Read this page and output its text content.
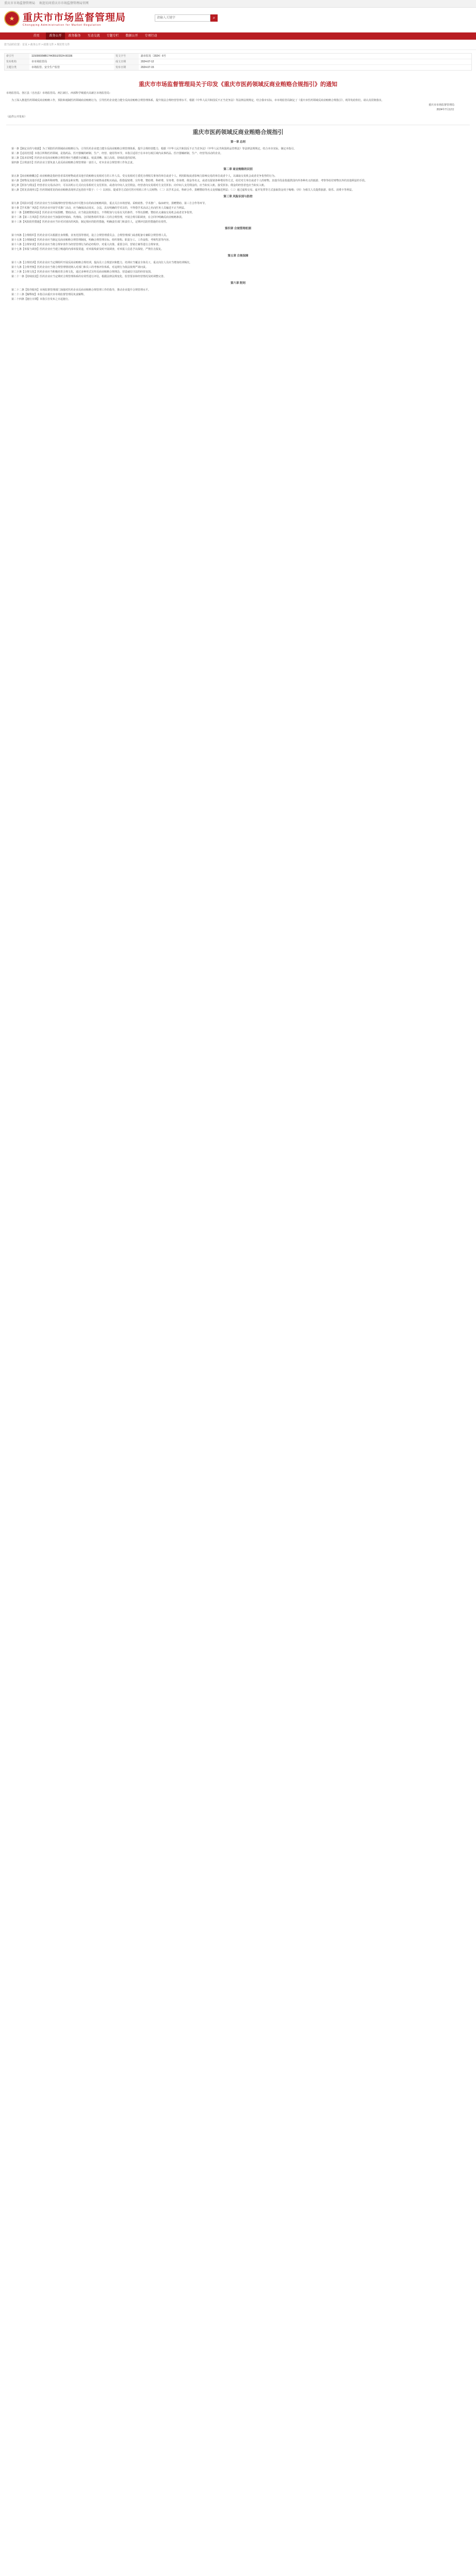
重庆市市场监督管理局 欢迎访问重庆市市场监督管理局官网
★ 重庆市市场监督管理局
Chongqing Administration for Market Regulation
请输入关键字
⌕
首页	政务公开	政务服务	互动交流	专题专栏	数据公开	专项行动
您当前的位置：首页 > 政务公开 > 政策文件 > 规范性文件
索引号	11500000MB1744350J/2024-00336	发文字号	渝市监发〔2024〕6号
发布机构	市市场监管局	成文日期	2024-07-12
主题分类	市场监管、安全生产监管	发布日期	2024-07-15
重庆市市场监督管理局关于印发《重庆市医药领域反商业贿赂合规指引》的通知

市场监管局、各区县（自治县）市场监管局、两江新区、西部科学城重庆高新区市场监管局：

为了深入推进医药领域反商业贿赂工作，预防和遏制医药领域商业贿赂行为，引导医药企业建立健全反商业贿赂合规管理体系，提升依法合规经营管理水平，根据《中华人民共和国反不正当竞争法》等法律法规规定，结合我市实际，市市场监管局制定了《重庆市医药领域反商业贿赂合规指引》，现印发给你们，请认真贯彻落实。

重庆市市场监督管理局
2024年7月12日

（此件公开发布）

重庆市医药领域反商业贿赂合规指引
第一章 总则

第一条【制定目的与依据】为了预防医药领域商业贿赂行为，引导医药企业建立健全反商业贿赂合规管理体系，提升合规经营能力，根据《中华人民共和国反不正当竞争法》《中华人民共和国药品管理法》等法律法规规定，结合本市实际，制定本指引。

第二条【适用范围】本指引所称医药领域，是指药品、医疗器械的研制、生产、经营、使用等环节。本指引适用于在本市行政区域内从事药品、医疗器械研制、生产、经营等活动的企业。

第三条【基本原则】医药企业反商业贿赂合规管理应当遵循全面覆盖、权责清晰、独立高效、持续改进的原则。

第四条【合规责任】医药企业主要负责人是反商业贿赂合规管理第一责任人，对本企业合规管理工作负总责。

第二章 商业贿赂的识别

第五条【商业贿赂概念】商业贿赂是指经营者采用财物或者其他手段贿赂交易相对方的工作人员、受交易相对方委托办理相关事务的单位或者个人、利用职权或者影响力影响交易的单位或者个人，以谋取交易机会或者竞争优势的行为。

第六条【财物及其他手段】前条所称财物，是指现金和实物，包括经营者为销售或者购买商品，假借促销费、宣传费、赞助费、科研费、劳务费、咨询费、佣金等名义，或者以报销各种费用等方式，给付对方单位或者个人的财物。其他手段是指提供国内外各种名义的旅游、考察等给付财物以外的其他利益的手段。

第七条【折扣与佣金】经营者在交易活动中，可以以明示方式向交易相对方支付折扣，或者向中间人支付佣金。经营者向交易相对方支付折扣、向中间人支付佣金的，应当如实入账。接受折扣、佣金的经营者也应当如实入账。

第八条【常见表现形式】医药领域常见的商业贿赂表现形式包括但不限于：（一）以回扣、提成等方式给付医疗机构工作人员财物；（二）以学术会议、科研合作、捐赠赞助等名义变相输送利益；（三）通过虚构交易、虚开发票等方式套取资金用于贿赂；（四）为相关人员提供旅游、娱乐、消费卡等利益。

第三章 风险识别与防控

第九条【风险识别】医药企业应当全面梳理经营管理活动中可能存在的商业贿赂风险，重点关注市场营销、采购销售、学术推广、临床研究、捐赠赞助、第三方合作等环节。

第十条【学术推广风险】医药企业开展学术推广活动，应当确保活动真实、合法，具有明确的学术目的，不得借学术活动之名向医务人员输送不正当利益。

第十一条【捐赠赞助风险】医药企业开展捐赠、赞助活动，应当依法依规进行，不得附加与交易有关的条件，不得以捐赠、赞助名义谋取交易机会或者竞争优势。

第十二条【第三方风险】医药企业应当加强对经销商、代理商、合同销售组织等第三方的合规管理，开展合规尽职调查，在合同中明确反商业贿赂条款。

第十三条【风险防控措施】医药企业应当针对识别出的风险，制定相应的防控措施，明确责任部门和责任人，定期评估防控措施的有效性。

第四章 合规管理机制

第十四条【合规组织】医药企业可以根据自身规模、业务范围等情况，设立合规管理委员会、合规管理部门或者配备专兼职合规管理人员。

第十五条【合规制度】医药企业应当制定反商业贿赂合规管理制度，明确合规管理目标、组织架构、职责分工、工作流程、考核奖惩等内容。

第十六条【合规审查】医药企业应当将合规审查作为经营管理行为的必经程序，对重大决策、重要合同、营销方案等进行合规审查。

第十七条【举报与调查】医药企业应当建立畅通的内部举报渠道，对举报线索及时开展调查，对举报人信息予以保密，严禁打击报复。

第五章 合规保障

第十八条【合规培训】医药企业应当定期组织开展反商业贿赂合规培训，提高员工合规意识和能力，培训应当覆盖全体员工，重点岗位人员应当增加培训频次。

第十九条【合规考核】医药企业应当将合规管理情况纳入对部门和员工的考核评价体系，对违规行为依法依规严肃问责。

第二十条【合规文化】医药企业应当积极培育合规文化，通过多种形式宣传反商业贿赂合规理念，营造诚信守法的经营氛围。

第二十一条【持续改进】医药企业应当定期对合规管理体系的有效性进行评估，根据法律法规变化、监管要求和经营情况及时调整完善。

第六章 附则

第二十二条【指导服务】市场监督管理部门加强对医药企业反商业贿赂合规管理工作的指导，推动企业提升合规管理水平。

第二十三条【解释权】本指引由重庆市市场监督管理局负责解释。

第二十四条【施行日期】本指引自发布之日起施行。
